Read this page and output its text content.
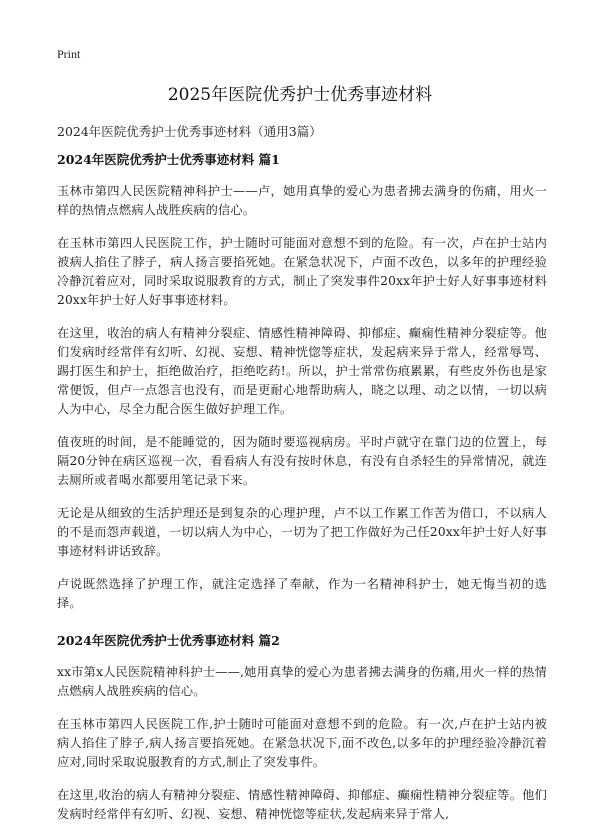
Print
2025年医院优秀护士优秀事迹材料
2024年医院优秀护士优秀事迹材料（通用3篇）
2024年医院优秀护士优秀事迹材料 篇1

玉林市第四人民医院精神科护士——卢，她用真挚的爱心为患者拂去满身的伤痛，用火一样的热情点燃病人战胜疾病的信心。

在玉林市第四人民医院工作，护士随时可能面对意想不到的危险。有一次，卢在护士站内被病人掐住了脖子，病人扬言要掐死她。在紧急状况下，卢面不改色，以多年的护理经验冷静沉着应对，同时采取说服教育的方式，制止了突发事件20xx年护士好人好事事迹材料20xx年护士好人好事事迹材料。

在这里，收治的病人有精神分裂症、情感性精神障碍、抑郁症、癫痫性精神分裂症等。他们发病时经常伴有幻听、幻视、妄想、精神恍惚等症状，发起病来异于常人，经常辱骂、踢打医生和护士，拒绝做治疗，拒绝吃药!。所以，护士常常伤痕累累，有些皮外伤也是家常便饭，但卢一点怨言也没有，而是更耐心地帮助病人，晓之以理、动之以情，一切以病人为中心，尽全力配合医生做好护理工作。

值夜班的时间，是不能睡觉的，因为随时要巡视病房。平时卢就守在靠门边的位置上，每隔20分钟在病区巡视一次，看看病人有没有按时休息，有没有自杀轻生的异常情况，就连去厕所或者喝水都要用笔记录下来。

无论是从细致的生活护理还是到复杂的心理护理，卢不以工作累工作苦为借口，不以病人的不是而怨声载道，一切以病人为中心，一切为了把工作做好为己任20xx年护士好人好事事迹材料讲话致辞。

卢说既然选择了护理工作，就注定选择了奉献，作为一名精神科护士，她无悔当初的选择。

2024年医院优秀护士优秀事迹材料 篇2

xx市第x人民医院精神科护士——,她用真挚的爱心为患者拂去满身的伤痛,用火一样的热情点燃病人战胜疾病的信心。

在玉林市第四人民医院工作,护士随时可能面对意想不到的危险。有一次,卢在护士站内被病人掐住了脖子,病人扬言要掐死她。在紧急状况下,面不改色,以多年的护理经验冷静沉着应对,同时采取说服教育的方式,制止了突发事件。

在这里,收治的病人有精神分裂症、情感性精神障碍、抑郁症、癫痫性精神分裂症等。他们发病时经常伴有幻听、幻视、妄想、精神恍惚等症状,发起病来异于常人,
